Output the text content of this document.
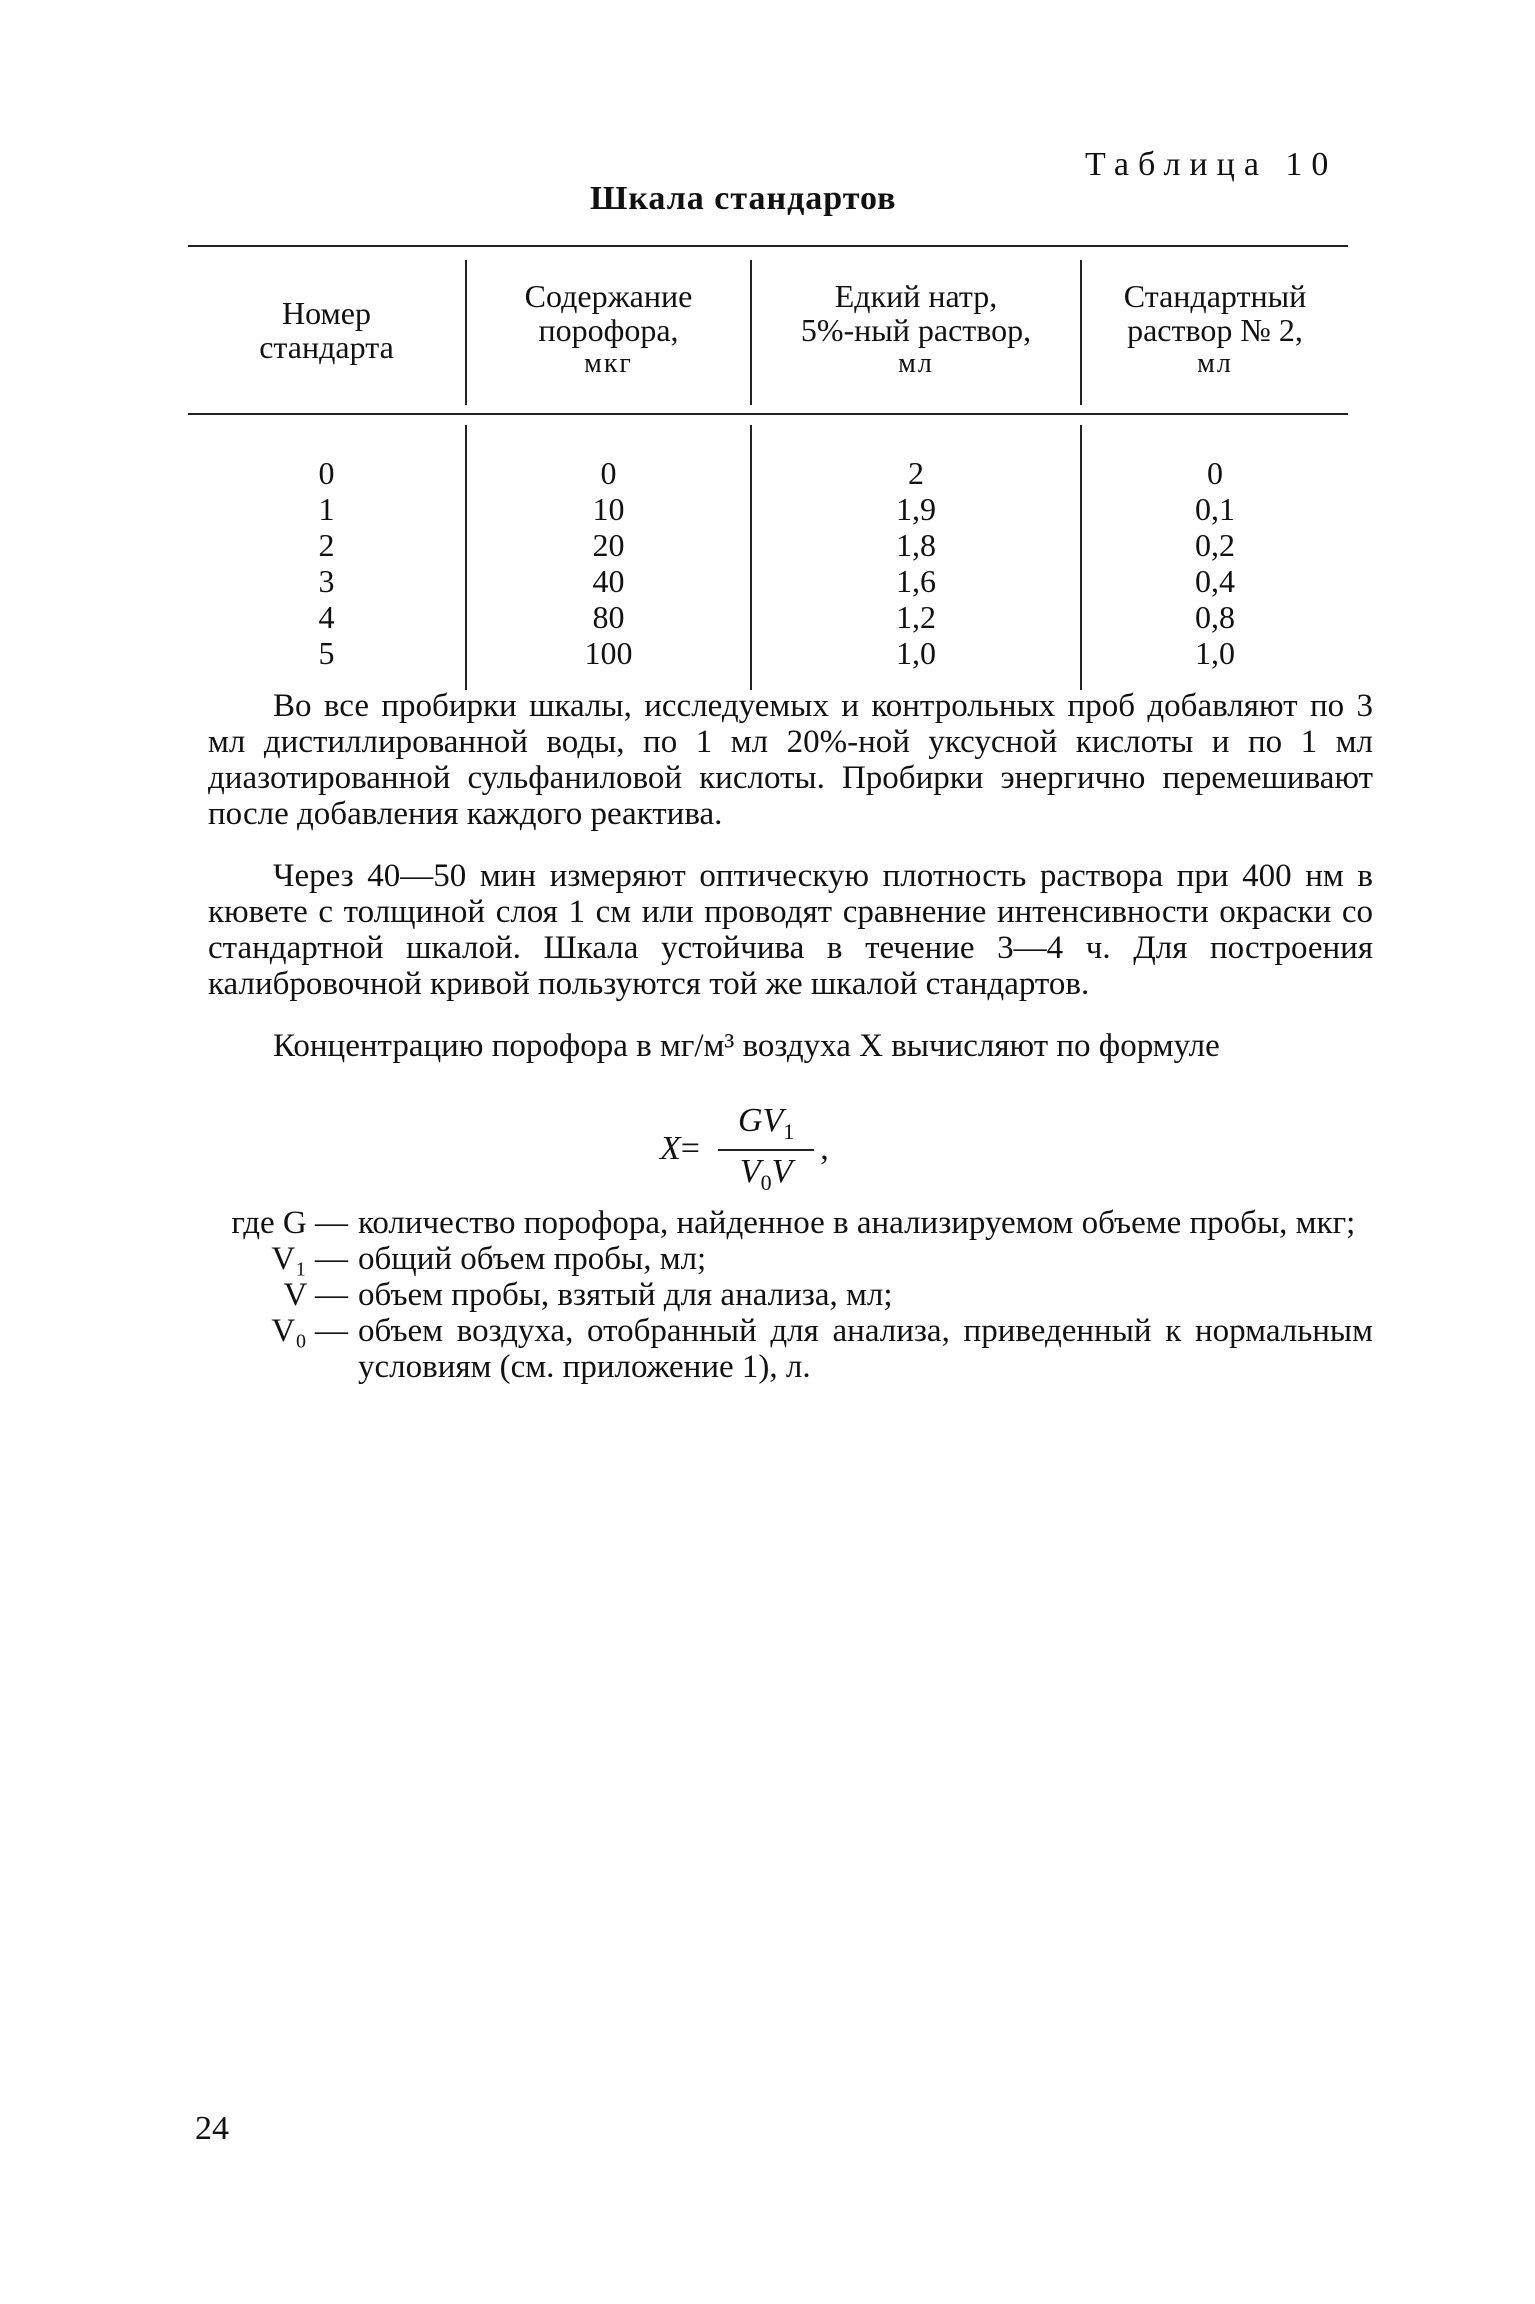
Таблица 10
Шкала стандартов
Номер
стандарта
Содержание
порофора,
мкг
Едкий натр,
5%-ный раствор,
мл
Стандартный
раствор № 2,
мл
0
1
2
3
4
5
0
10
20
40
80
100
2
1,9
1,8
1,6
1,2
1,0
0
0,1
0,2
0,4
0,8
1,0

Во все пробирки шкалы, исследуемых и контрольных проб добавляют по 3 мл дистиллированной воды, по 1 мл 20%-ной уксусной кислоты и по 1 мл диазотированной сульфаниловой кислоты. Пробирки энергично перемешивают после добавления каждого реактива.

Через 40—50 мин измеряют оптическую плотность раствора при 400 нм в кювете с толщиной слоя 1 см или проводят сравнение интенсивности окраски со стандартной шкалой. Шкала устойчива в течение 3—4 ч. Для построения калибровочной кривой пользуются той же шкалой стандартов.

Концентрацию порофора в мг/м³ воздуха X вычисляют по формуле

$X = \frac{GV_1}{V_0V}$ ,
где G — количество порофора, найденное в анализируемом объеме пробы, мкг;
V₁ — общий объем пробы, мл;
V — объем пробы, взятый для анализа, мл;
V₀ — объем воздуха, отобранный для анализа, приведенный к нормальным условиям (см. приложение 1), л.
24
